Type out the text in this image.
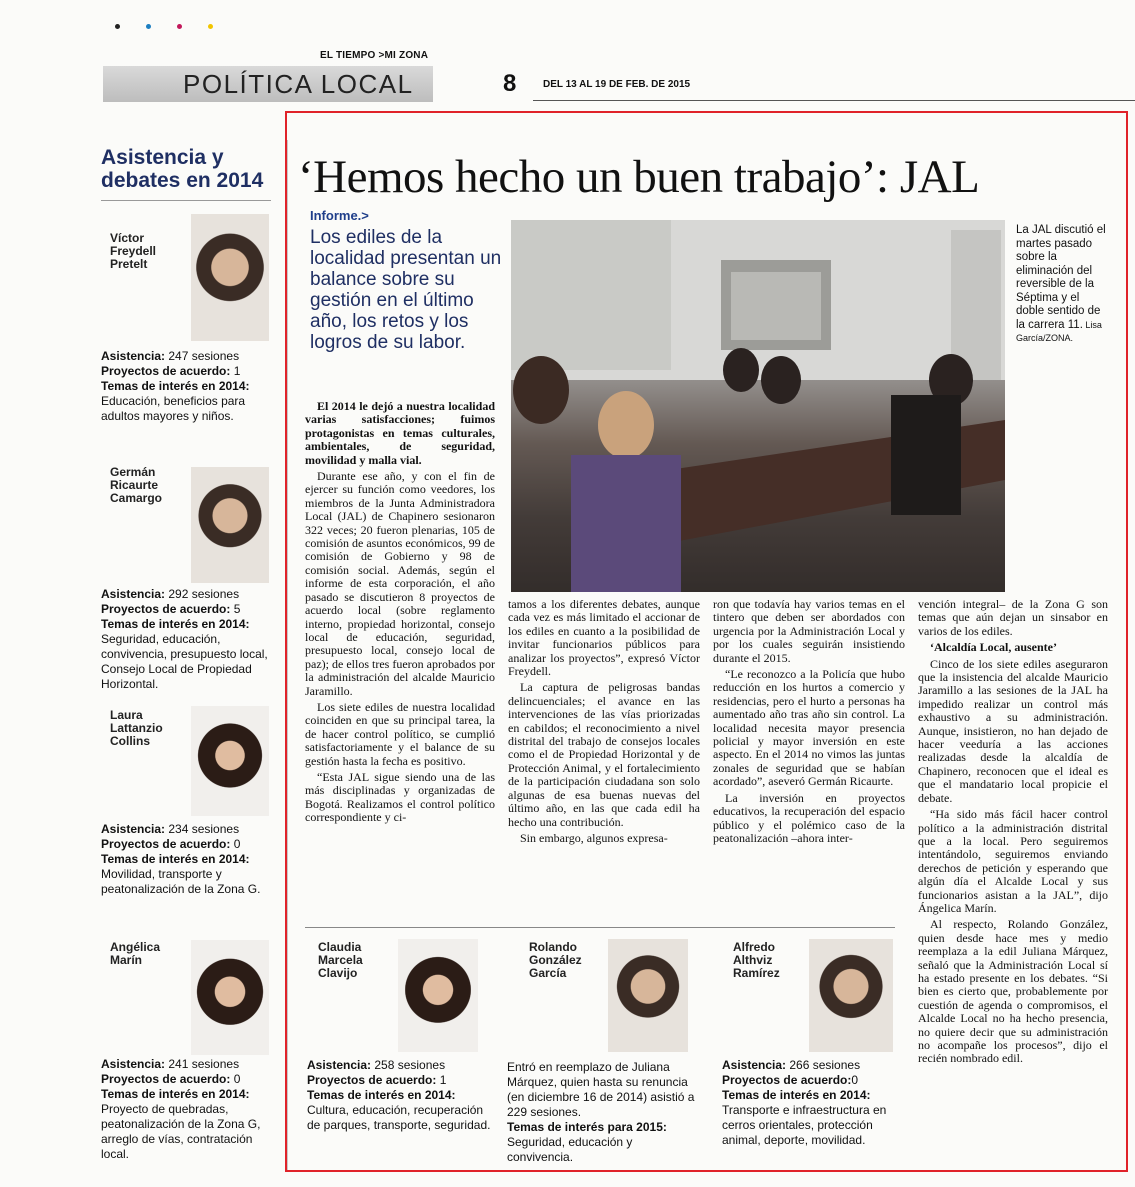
EL TIEMPO >MI ZONA
POLÍTICA LOCAL	8	DEL 13 AL 19 DE FEB. DE 2015
Asistencia y debates en 2014
Víctor Freydell Pretelt
Asistencia: 247 sesiones
Proyectos de acuerdo: 1
Temas de interés en 2014: Educación, beneficios para adultos mayores y niños.
Germán Ricaurte Camargo
Asistencia: 292 sesiones
Proyectos de acuerdo: 5
Temas de interés en 2014: Seguridad, educación, convivencia, presupuesto local, Consejo Local de Propiedad Horizontal.
Laura Lattanzio Collins
Asistencia: 234 sesiones
Proyectos de acuerdo: 0
Temas de interés en 2014: Movilidad, transporte y peatonalización de la Zona G.
Angélica Marín
Asistencia: 241 sesiones
Proyectos de acuerdo: 0
Temas de interés en 2014: Proyecto de quebradas, peatonalización de la Zona G, arreglo de vías, contratación local.
‘Hemos hecho un buen trabajo’: JAL
Informe.>
Los ediles de la localidad presentan un balance sobre su gestión en el último año, los retos y los logros de su labor.
La JAL discutió el martes pasado sobre la eliminación del reversible de la Séptima y el doble sentido de la carrera 11. Lisa García/ZONA.

El 2014 le dejó a nuestra localidad varias satisfacciones; fuimos protagonistas en temas culturales, ambientales, de seguridad, movilidad y malla vial.

Durante ese año, y con el fin de ejercer su función como veedores, los miembros de la Junta Administradora Local (JAL) de Chapinero sesionaron 322 veces; 20 fueron plenarias, 105 de comisión de asuntos económicos, 99 de comisión de Gobierno y 98 de comisión social. Además, según el informe de esta corporación, el año pasado se discutieron 8 proyectos de acuerdo local (sobre reglamento interno, propiedad horizontal, consejo local de educación, seguridad, presupuesto local, consejo local de paz); de ellos tres fueron aprobados por la administración del alcalde Mauricio Jaramillo.

Los siete ediles de nuestra localidad coinciden en que su principal tarea, la de hacer control político, se cumplió satisfactoriamente y el balance de su gestión hasta la fecha es positivo.

“Esta JAL sigue siendo una de las más disciplinadas y organizadas de Bogotá. Realizamos el control político correspondiente y ci-

tamos a los diferentes debates, aunque cada vez es más limitado el accionar de los ediles en cuanto a la posibilidad de invitar funcionarios públicos para analizar los proyectos”, expresó Víctor Freydell.

La captura de peligrosas bandas delincuenciales; el avance en las intervenciones de las vías priorizadas en cabildos; el reconocimiento a nivel distrital del trabajo de consejos locales como el de Propiedad Horizontal y de Protección Animal, y el fortalecimiento de la participación ciudadana son solo algunas de esa buenas nuevas del último año, en las que cada edil ha hecho una contribución.

Sin embargo, algunos expresa-

ron que todavía hay varios temas en el tintero que deben ser abordados con urgencia por la Administración Local y por los cuales seguirán insistiendo durante el 2015.

“Le reconozco a la Policía que hubo reducción en los hurtos a comercio y residencias, pero el hurto a personas ha aumentado año tras año sin control. La localidad necesita mayor presencia policial y mayor inversión en este aspecto. En el 2014 no vimos las juntas zonales de seguridad que se habían acordado”, aseveró Germán Ricaurte.

La inversión en proyectos educativos, la recuperación del espacio público y el polémico caso de la peatonalización –ahora inter-

vención integral– de la Zona G son temas que aún dejan un sinsabor en varios de los ediles.

‘Alcaldía Local, ausente’

Cinco de los siete ediles aseguraron que la insistencia del alcalde Mauricio Jaramillo a las sesiones de la JAL ha impedido realizar un control más exhaustivo a su administración. Aunque, insistieron, no han dejado de hacer veeduría a las acciones realizadas desde la alcaldía de Chapinero, reconocen que el ideal es que el mandatario local propicie el debate.

“Ha sido más fácil hacer control político a la administración distrital que a la local. Pero seguiremos intentándolo, seguiremos enviando derechos de petición y esperando que algún día el Alcalde Local y sus funcionarios asistan a la JAL”, dijo Ángelica Marín.

Al respecto, Rolando González, quien desde hace mes y medio reemplaza a la edil Juliana Márquez, señaló que la Administración Local sí ha estado presente en los debates. “Si bien es cierto que, probablemente por cuestión de agenda o compromisos, el Alcalde Local no ha hecho presencia, no quiere decir que su administración no acompañe los procesos”, dijo el recién nombrado edil.

Claudia Marcela Clavijo
Asistencia: 258 sesiones
Proyectos de acuerdo: 1
Temas de interés en 2014: Cultura, educación, recuperación de parques, transporte, seguridad.
Rolando González García
Entró en reemplazo de Juliana Márquez, quien hasta su renuncia (en diciembre 16 de 2014) asistió a 229 sesiones.
Temas de interés para 2015: Seguridad, educación y convivencia.
Alfredo Althviz Ramírez
Asistencia: 266 sesiones
Proyectos de acuerdo:0
Temas de interés en 2014: Transporte e infraestructura en cerros orientales, protección animal, deporte, movilidad.
